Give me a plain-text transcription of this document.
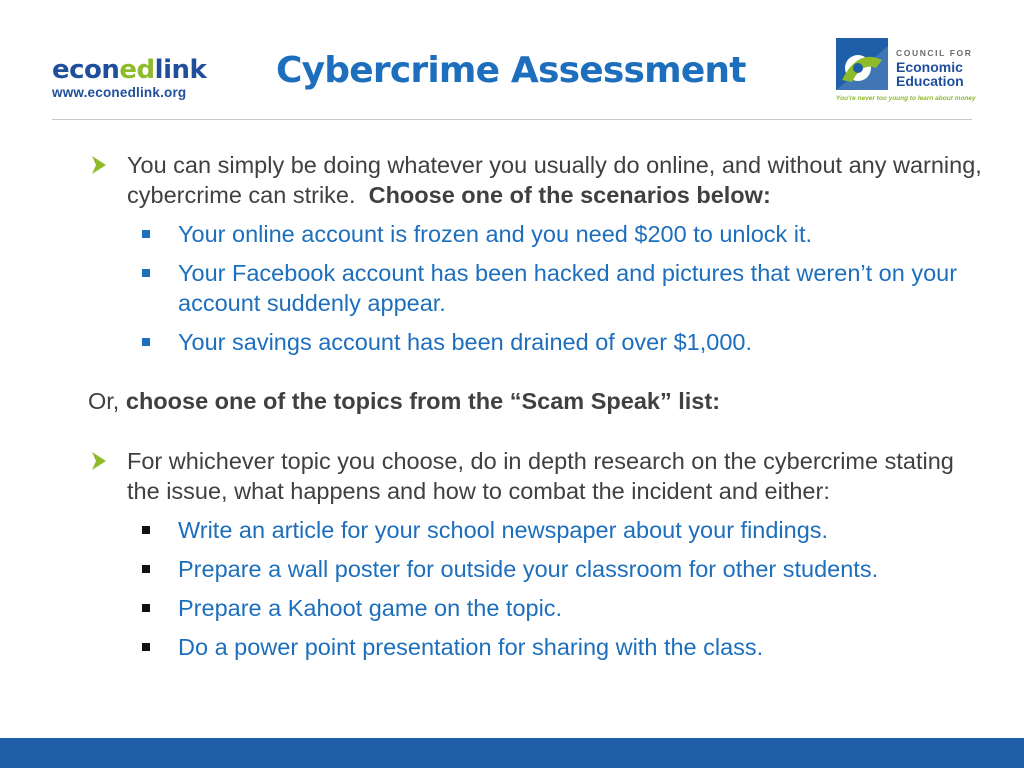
econedlink
www.econedlink.org
Cybercrime Assessment	COUNCIL FOR
Economic
Education
You're never too young to learn about money
You can simply be doing whatever you usually do online, and without any warning, cybercrime can strike. Choose one of the scenarios below:
Your online account is frozen and you need $200 to unlock it.
Your Facebook account has been hacked and pictures that weren’t on your account suddenly appear.
Your savings account has been drained of over $1,000.
Or, choose one of the topics from the “Scam Speak” list:
For whichever topic you choose, do in depth research on the cybercrime stating the issue, what happens and how to combat the incident and either:
Write an article for your school newspaper about your findings.
Prepare a wall poster for outside your classroom for other students.
Prepare a Kahoot game on the topic.
Do a power point presentation for sharing with the class.
